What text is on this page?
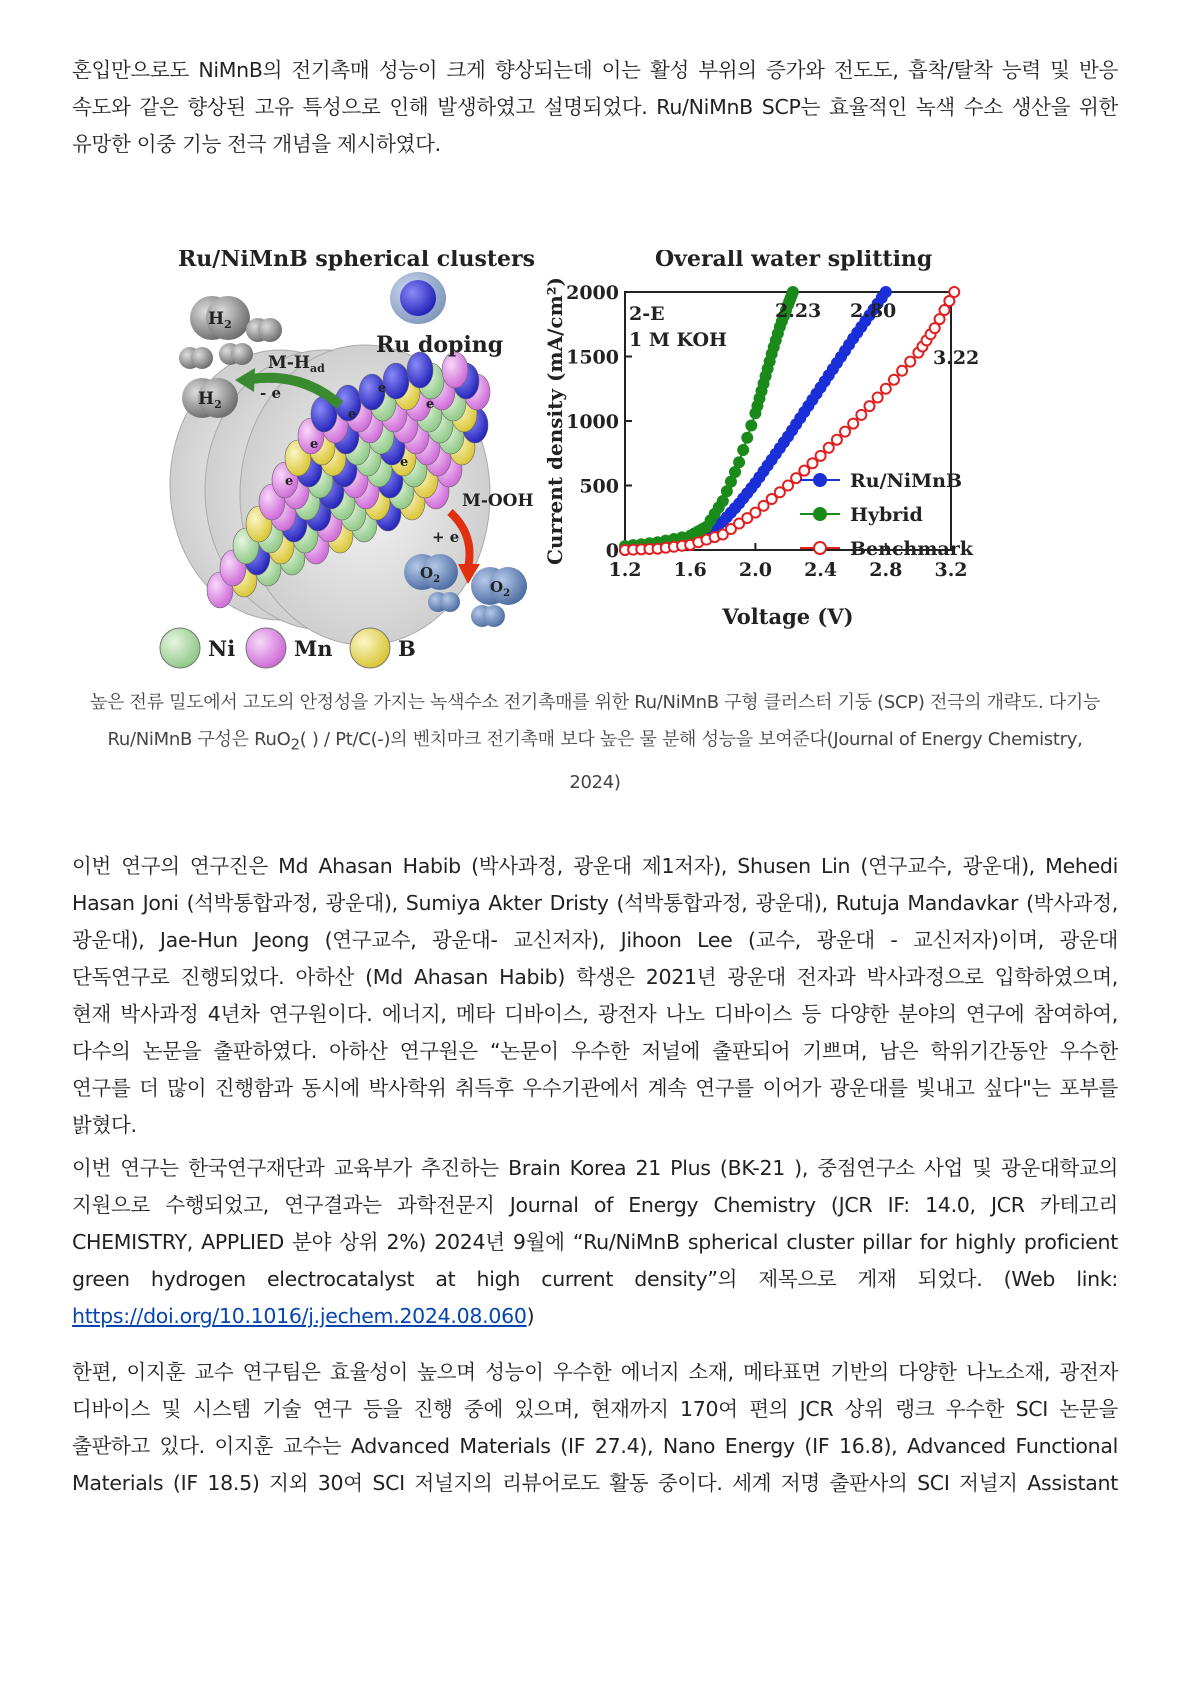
혼입만으로도 NiMnB의 전기촉매 성능이 크게 향상되는데 이는 활성 부위의 증가와 전도도, 흡착/탈착 능력 및 반응
속도와 같은 향상된 고유 특성으로 인해 발생하였고 설명되었다. Ru/NiMnB SCP는 효율적인 녹색 수소 생산을 위한
유망한 이중 기능 전극 개념을 제시하였다.
Ru/NiMnB spherical clusters
e
e
e
e
e
e
Ru doping
$H_2$
$H_2$
$M-H_{ad}$
- e
M-OOH
+ e
$O_2$	$O_2$
Ni	Mn	B
Overall water splitting
2-E
1 M KOH
Voltage (V)
Current density (mA/cm²)
1.2 1.6 2.0 2.4 2.8 3.2
0
500
1000
1500
2000
Ru/NiMnB
Hybrid
Benchmark
2.23 2.80
3.22
높은 전류 밀도에서 고도의 안정성을 가지는 녹색수소 전기촉매를 위한 Ru/NiMnB 구형 클러스터 기둥 (SCP) 전극의 개략도. 다기능
Ru/NiMnB 구성은 RuO$_2$( ) / Pt/C(-)의 벤치마크 전기촉매 보다 높은 물 분해 성능을 보여준다(Journal of Energy Chemistry,
2024)
이번 연구의 연구진은 Md Ahasan Habib (박사과정, 광운대 제1저자), Shusen Lin (연구교수, 광운대), Mehedi
Hasan Joni (석박통합과정, 광운대), Sumiya Akter Dristy (석박통합과정, 광운대), Rutuja Mandavkar (박사과정,
광운대), Jae-Hun Jeong (연구교수, 광운대- 교신저자), Jihoon Lee (교수, 광운대 - 교신저자)이며, 광운대
단독연구로 진행되었다. 아하산 (Md Ahasan Habib) 학생은 2021년 광운대 전자과 박사과정으로 입학하였으며,
현재 박사과정 4년차 연구원이다. 에너지, 메타 디바이스, 광전자 나노 디바이스 등 다양한 분야의 연구에 참여하여,
다수의 논문을 출판하였다. 아하산 연구원은 “논문이 우수한 저널에 출판되어 기쁘며, 남은 학위기간동안 우수한
연구를 더 많이 진행함과 동시에 박사학위 취득후 우수기관에서 계속 연구를 이어가 광운대를 빛내고 싶다"는 포부를
밝혔다.
이번 연구는 한국연구재단과 교육부가 추진하는 Brain Korea 21 Plus (BK-21 ), 중점연구소 사업 및 광운대학교의
지원으로 수행되었고, 연구결과는 과학전문지 Journal of Energy Chemistry (JCR IF: 14.0, JCR 카테고리
CHEMISTRY, APPLIED 분야 상위 2%) 2024년 9월에 “Ru/NiMnB spherical cluster pillar for highly proficient
green hydrogen electrocatalyst at high current density”의 제목으로 게재 되었다. (Web link:
https://doi.org/10.1016/j.jechem.2024.08.060)
한편, 이지훈 교수 연구팀은 효율성이 높으며 성능이 우수한 에너지 소재, 메타표면 기반의 다양한 나노소재, 광전자
디바이스 및 시스템 기술 연구 등을 진행 중에 있으며, 현재까지 170여 편의 JCR 상위 랭크 우수한 SCI 논문을
출판하고 있다. 이지훈 교수는 Advanced Materials (IF 27.4), Nano Energy (IF 16.8), Advanced Functional
Materials (IF 18.5) 지외 30여 SCI 저널지의 리뷰어로도 활동 중이다. 세계 저명 출판사의 SCI 저널지 Assistant
